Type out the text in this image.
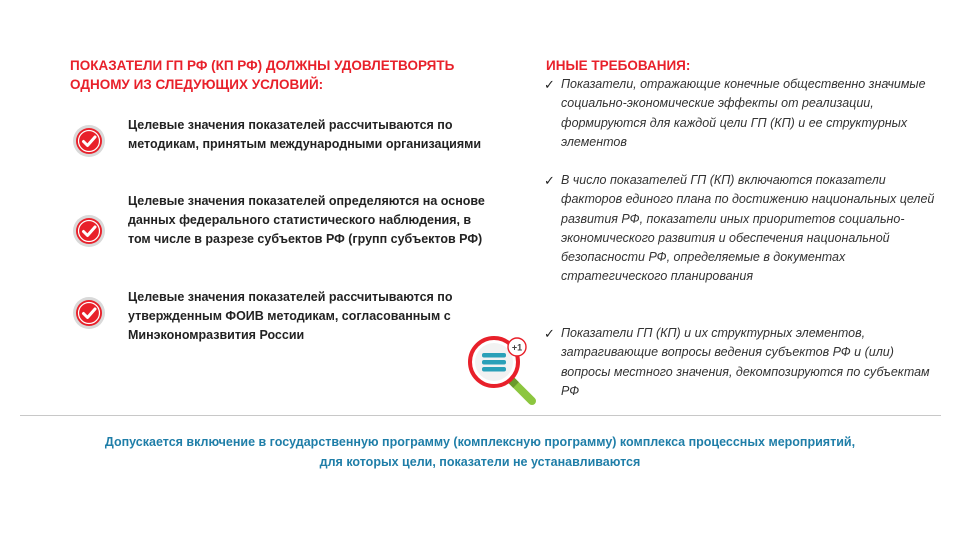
ПОКАЗАТЕЛИ ГП РФ (КП РФ) ДОЛЖНЫ УДОВЛЕТВОРЯТЬ ОДНОМУ ИЗ СЛЕДУЮЩИХ УСЛОВИЙ:
Целевые значения показателей рассчитываются по методикам, принятым международными организациями
Целевые значения показателей определяются на основе данных федерального статистического наблюдения, в том числе в разрезе субъектов РФ (групп субъектов РФ)
Целевые значения показателей рассчитываются по утвержденным ФОИВ методикам, согласованным с Минэкономразвития России
ИНЫЕ ТРЕБОВАНИЯ:
✓ Показатели, отражающие конечные общественно значимые социально-экономические эффекты от реализации, формируются для каждой цели ГП (КП) и ее структурных элементов
✓ В число показателей ГП (КП) включаются показатели факторов единого плана по достижению национальных целей развития РФ, показатели иных приоритетов социально-экономического развития и обеспечения национальной безопасности РФ, определяемые в документах стратегического планирования
✓ Показатели ГП (КП) и их структурных элементов, затрагивающие вопросы ведения субъектов РФ и (или) вопросы местного значения, декомпозируются по субъектам РФ
+1
Допускается включение в государственную программу (комплексную программу) комплекса процессных мероприятий,
для которых цели, показатели не устанавливаются
